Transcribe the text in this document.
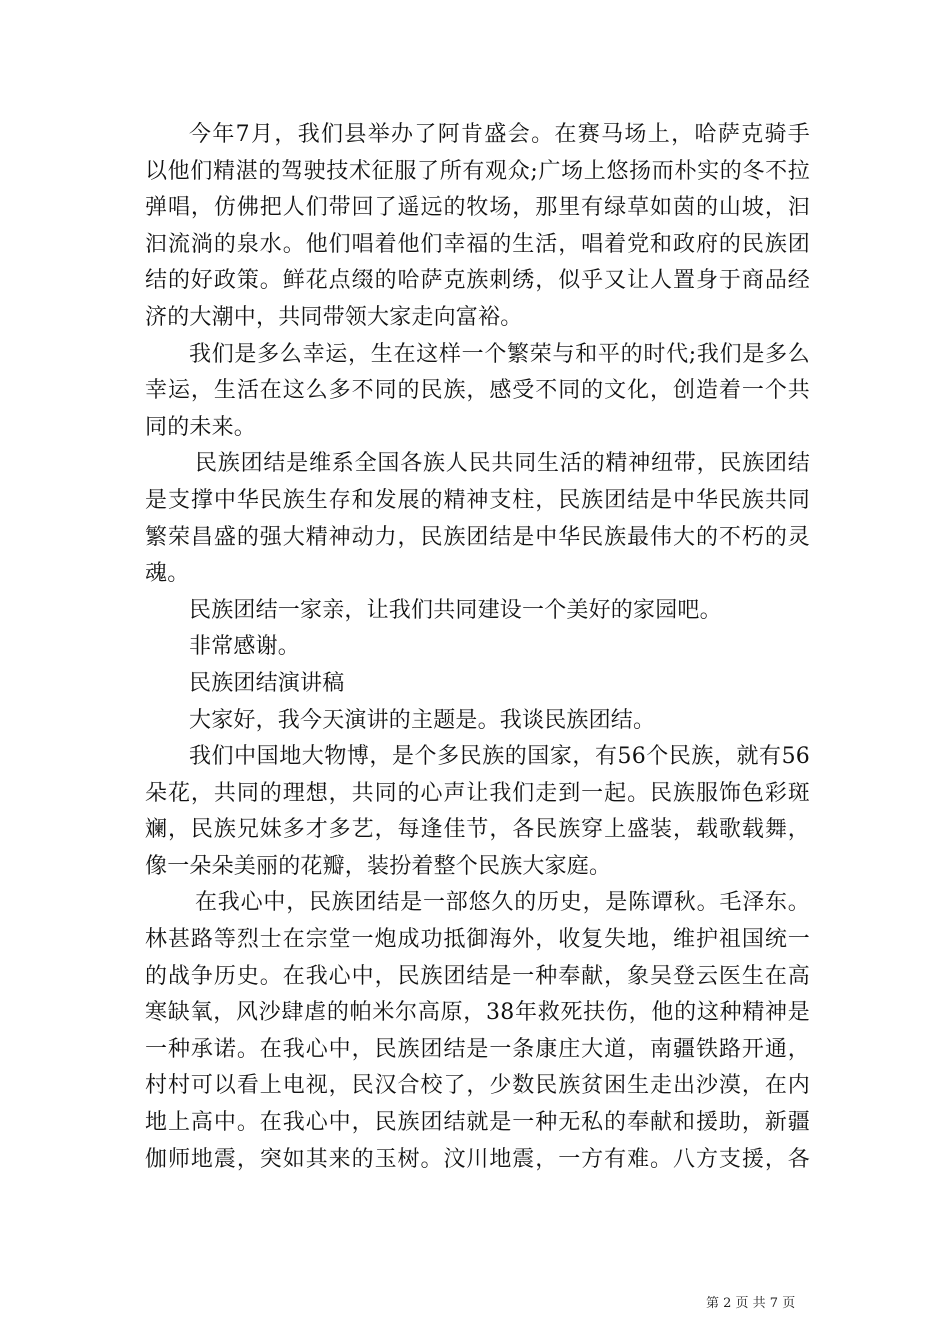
今年7月，我们县举办了阿肯盛会。在赛马场上，哈萨克骑手
以他们精湛的驾驶技术征服了所有观众;广场上悠扬而朴实的冬不拉
弹唱，仿佛把人们带回了遥远的牧场，那里有绿草如茵的山坡，汩
汩流淌的泉水。他们唱着他们幸福的生活，唱着党和政府的民族团
结的好政策。鲜花点缀的哈萨克族刺绣，似乎又让人置身于商品经
济的大潮中，共同带领大家走向富裕。
我们是多么幸运，生在这样一个繁荣与和平的时代;我们是多么
幸运，生活在这么多不同的民族，感受不同的文化，创造着一个共
同的未来。
民族团结是维系全国各族人民共同生活的精神纽带，民族团结
是支撑中华民族生存和发展的精神支柱，民族团结是中华民族共同
繁荣昌盛的强大精神动力，民族团结是中华民族最伟大的不朽的灵
魂。
民族团结一家亲，让我们共同建设一个美好的家园吧。
非常感谢。
民族团结演讲稿
大家好，我今天演讲的主题是。我谈民族团结。
我们中国地大物博，是个多民族的国家，有56个民族，就有56
朵花，共同的理想，共同的心声让我们走到一起。民族服饰色彩斑
斓，民族兄妹多才多艺，每逢佳节，各民族穿上盛装，载歌载舞，
像一朵朵美丽的花瓣，装扮着整个民族大家庭。
在我心中，民族团结是一部悠久的历史，是陈谭秋。毛泽东。
林甚路等烈士在宗堂一炮成功抵御海外，收复失地，维护祖国统一
的战争历史。在我心中，民族团结是一种奉献，象吴登云医生在高
寒缺氧，风沙肆虐的帕米尔高原，38年救死扶伤，他的这种精神是
一种承诺。在我心中，民族团结是一条康庄大道，南疆铁路开通，
村村可以看上电视，民汉合校了，少数民族贫困生走出沙漠，在内
地上高中。在我心中，民族团结就是一种无私的奉献和援助，新疆
伽师地震，突如其来的玉树。汶川地震，一方有难。八方支援，各
第 2 页 共 7 页
